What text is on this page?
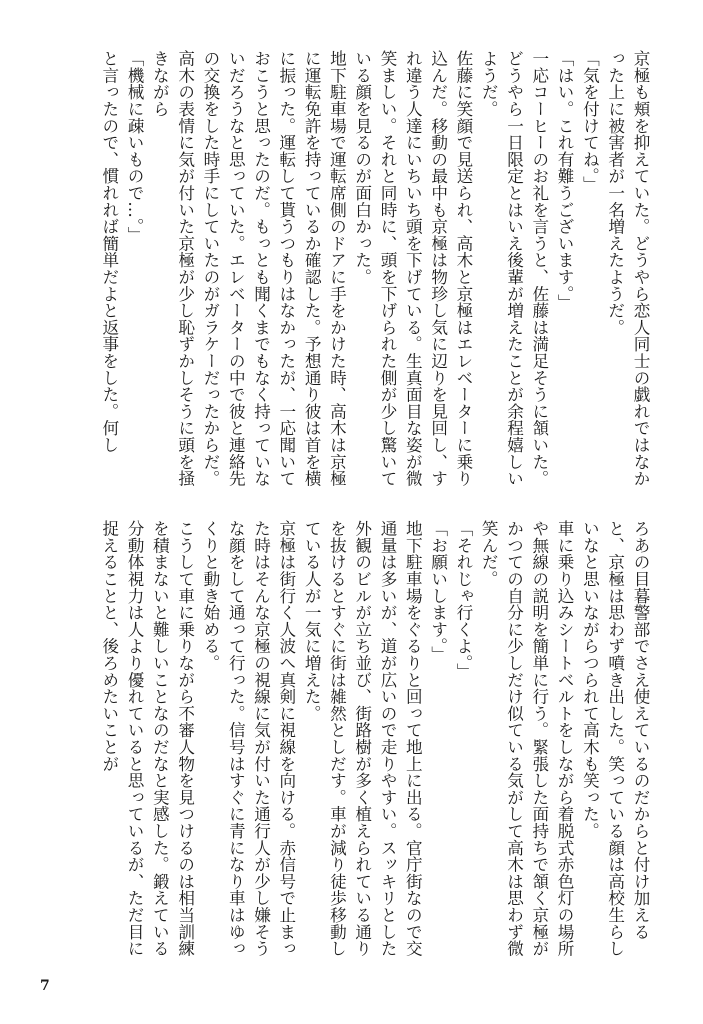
京極も頬を抑えていた。どうやら恋人同士の戯れではなかった上に被害者が一名増えたようだ。

「気を付けてね。」

「はい。これ有難うございます。」

一応コーヒーのお礼を言うと、佐藤は満足そうに頷いた。どうやら一日限定とはいえ後輩が増えたことが余程嬉しいようだ。

佐藤に笑顔で見送られ、高木と京極はエレベーターに乗り込んだ。移動の最中も京極は物珍し気に辺りを見回し、すれ違う人達にいちいち頭を下げている。生真面目な姿が微笑ましい。それと同時に、頭を下げられた側が少し驚いている顔を見るのが面白かった。

地下駐車場で運転席側のドアに手をかけた時、高木は京極に運転免許を持っているか確認した。予想通り彼は首を横に振った。運転して貰うつもりはなかったが、一応聞いておこうと思ったのだ。もっとも聞くまでもなく持っていないだろうなと思っていた。エレベーターの中で彼と連絡先の交換をした時手にしていたのがガラケーだったからだ。高木の表情に気が付いた京極が少し恥ずかしそうに頭を掻きながら

「機械に疎いもので…。」

と言ったので、慣れれば簡単だよと返事をした。何し

ろあの目暮警部でさえ使えているのだからと付け加えると、京極は思わず噴き出した。笑っている顔は高校生らしいなと思いながらつられて高木も笑った。

車に乗り込みシートベルトをしながら着脱式赤色灯の場所や無線の説明を簡単に行う。緊張した面持ちで頷く京極がかつての自分に少しだけ似ている気がして高木は思わず微笑んだ。

「それじゃ行くよ。」

「お願いします。」

地下駐車場をぐるりと回って地上に出る。官庁街なので交通量は多いが、道が広いので走りやすい。スッキリとした外観のビルが立ち並び、街路樹が多く植えられている通りを抜けるとすぐに街は雑然としだす。車が減り徒歩移動している人が一気に増えた。

京極は街行く人波へ真剣に視線を向ける。赤信号で止まった時はそんな京極の視線に気が付いた通行人が少し嫌そうな顔をして通って行った。信号はすぐに青になり車はゆっくりと動き始める。

こうして車に乗りながら不審人物を見つけるのは相当訓練を積まないと難しいことなのだなと実感した。鍛えている分動体視力は人より優れていると思っているが、ただ目に捉えることと、後ろめたいことが

7
